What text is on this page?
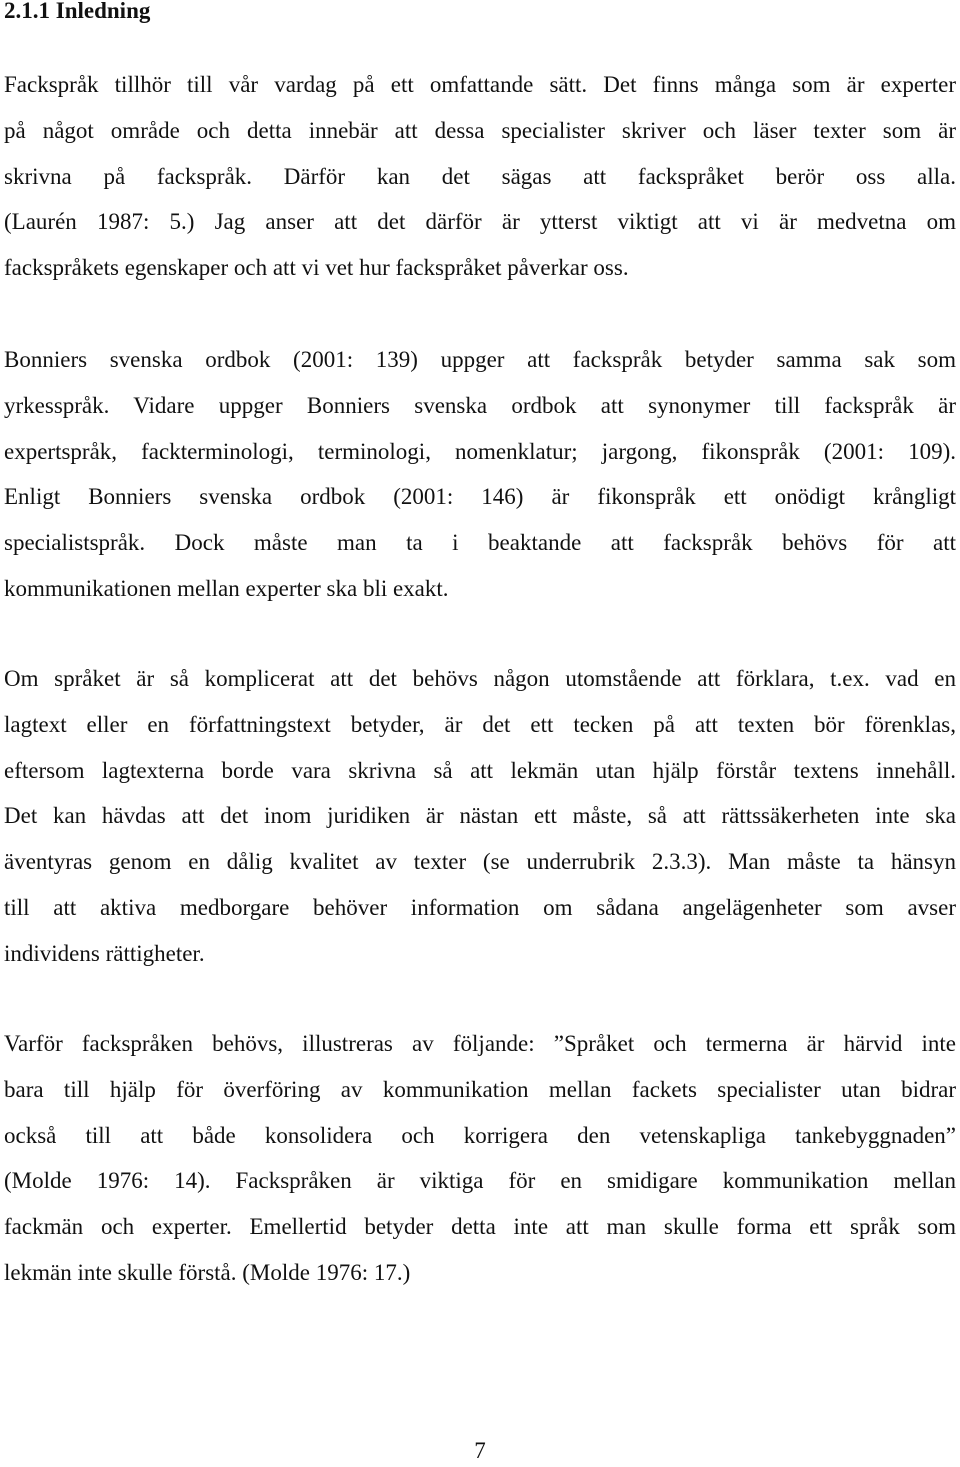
2.1.1 Inledning
Fackspråk tillhör till vår vardag på ett omfattande sätt. Det finns många som är experter
på något område och detta innebär att dessa specialister skriver och läser texter som är
skrivna på fackspråk. Därför kan det sägas att fackspråket berör oss alla.
(Laurén 1987: 5.) Jag anser att det därför är ytterst viktigt att vi är medvetna om
fackspråkets egenskaper och att vi vet hur fackspråket påverkar oss.
Bonniers svenska ordbok (2001: 139) uppger att fackspråk betyder samma sak som
yrkesspråk. Vidare uppger Bonniers svenska ordbok att synonymer till fackspråk är
expertspråk, fackterminologi, terminologi, nomenklatur; jargong, fikonspråk (2001: 109).
Enligt Bonniers svenska ordbok (2001: 146) är fikonspråk ett onödigt krångligt
specialistspråk. Dock måste man ta i beaktande att fackspråk behövs för att
kommunikationen mellan experter ska bli exakt.
Om språket är så komplicerat att det behövs någon utomstående att förklara, t.ex. vad en
lagtext eller en författningstext betyder, är det ett tecken på att texten bör förenklas,
eftersom lagtexterna borde vara skrivna så att lekmän utan hjälp förstår textens innehåll.
Det kan hävdas att det inom juridiken är nästan ett måste, så att rättssäkerheten inte ska
äventyras genom en dålig kvalitet av texter (se underrubrik 2.3.3). Man måste ta hänsyn
till att aktiva medborgare behöver information om sådana angelägenheter som avser
individens rättigheter.
Varför fackspråken behövs, illustreras av följande: ”Språket och termerna är härvid inte
bara till hjälp för överföring av kommunikation mellan fackets specialister utan bidrar
också till att både konsolidera och korrigera den vetenskapliga tankebyggnaden”
(Molde 1976: 14). Fackspråken är viktiga för en smidigare kommunikation mellan
fackmän och experter. Emellertid betyder detta inte att man skulle forma ett språk som
lekmän inte skulle förstå. (Molde 1976: 17.)

7
